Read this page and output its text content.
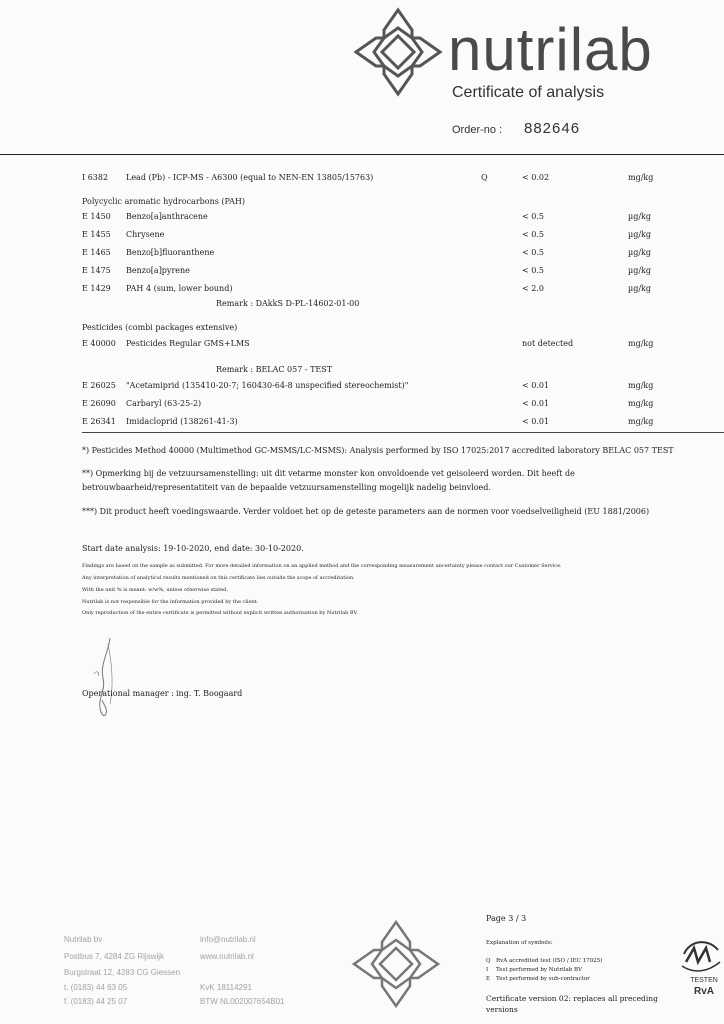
nutrilab
Certificate of analysis
Order-no : 882646
I 6382 Lead (Pb) - ICP-MS - A6300 (equal to NEN-EN 13805/15763)	Q	< 0.02	mg/kg
Polycyclic aromatic hydrocarbons (PAH)
E 1450 Benzo[a]anthracene	< 0.5	µg/kg
E 1455 Chrysene	< 0.5	µg/kg
E 1465 Benzo[b]fluoranthene	< 0.5	µg/kg
E 1475 Benzo[a]pyrene	< 0.5	µg/kg
E 1429 PAH 4 (sum, lower bound)	< 2.0	µg/kg
Remark : DAkkS D-PL-14602-01-00
Pesticides (combi packages extensive)
E 40000 Pesticides Regular GMS+LMS	not detected	mg/kg
Remark : BELAC 057 - TEST
E 26025 "Acetamiprid (135410-20-7; 160430-64-8 unspecified stereochemist)"	< 0.01	mg/kg
E 26090 Carbaryl (63-25-2)	< 0.01	mg/kg
E 26341 Imidacloprid (138261-41-3)	< 0.01	mg/kg
*) Pesticides Method 40000 (Multimethod GC-MSMS/LC-MSMS): Analysis performed by ISO 17025:2017 accredited laboratory BELAC 057 TEST
**) Opmerking bij de vetzuursamenstelling: uit dit vetarme monster kon onvoldoende vet geisoleerd worden. Dit heeft de
betrouwbaarheid/representatiteit van de bepaalde vetzuursamenstelling mogelijk nadelig beinvloed.
***) Dit product heeft voedingswaarde. Verder voldoet het op de geteste parameters aan de normen voor voedselveiligheid (EU 1881/2006)
Start date analysis: 19-10-2020, end date: 30-10-2020.
Findings are based on the sample as submitted. For more detailed information on an applied method and the corresponding measurement uncertainty please contact our Customer Service.
Any interpretation of analytical results mentioned on this certificate lies outside the scope of accreditation.
With the unit % is meant: w/w%, unless otherwise stated.
Nutrilab is not responsible for the information provided by the client.
Only reproduction of the entire certificate is permitted without explicit written authorisation by Nutrilab BV.
Operational manager : ing. T. Boogaard
Nutrilab bv
Postbus 7, 4284 ZG Rijswijk
Burgstraat 12, 4283 CG Giessen
t. (0183) 44 63 05
f. (0183) 44 25 07
info@nutrilab.nl
www.nutrilab.nl
KvK 18114291
BTW NL002007654B01
Page 3 / 3
Explanation of symbols:
Q RvA accredited test (ISO / IEC 17025)
I Test performed by Nutrilab BV
E Test performed by sub-contractor
Certificate version 02: replaces all preceding
versions
TESTEN
RvA
